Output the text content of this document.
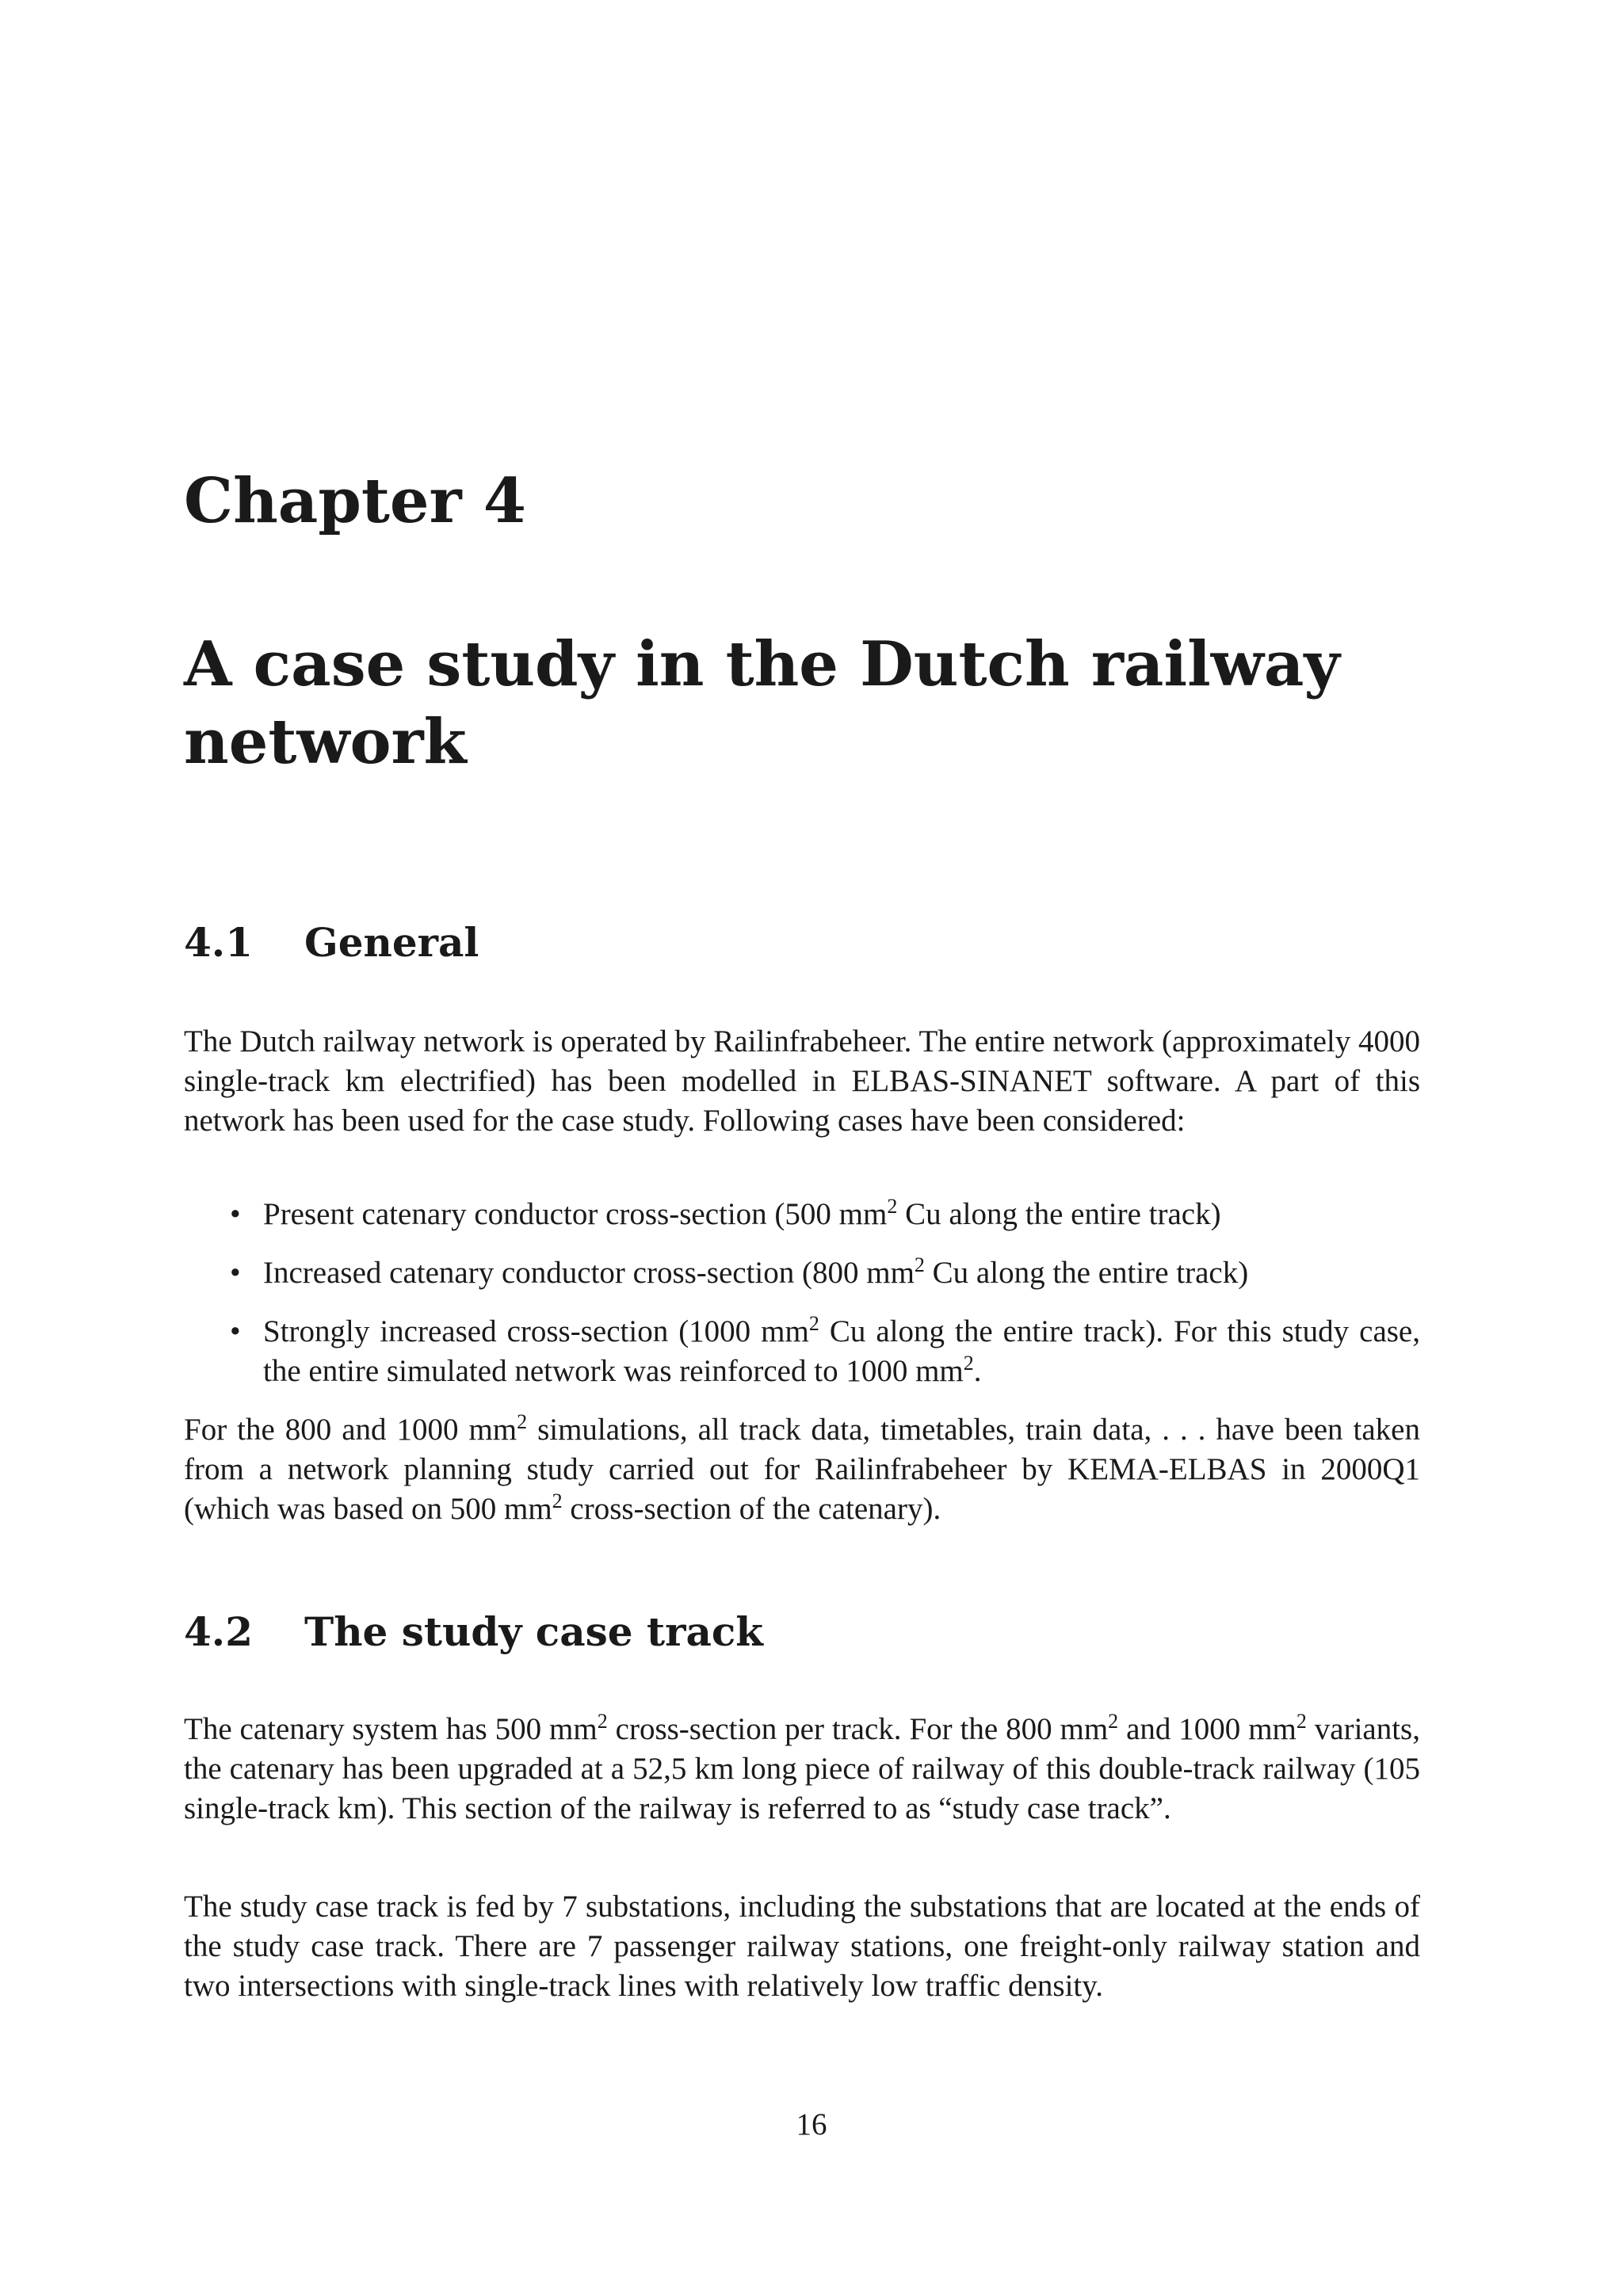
Chapter 4
A case study in the Dutch railway network
4.1 General

The Dutch railway network is operated by Railinfrabeheer. The entire network (approximately 4000 single-track km electrified) has been modelled in ELBAS-SINANET software. A part of this network has been used for the case study. Following cases have been considered:

• Present catenary conductor cross-section (500 $mm^2$ Cu along the entire track)
• Increased catenary conductor cross-section (800 $mm^2$ Cu along the entire track)
• Strongly increased cross-section (1000 $mm^2$ Cu along the entire track). For this study case, the entire simulated network was reinforced to 1000 $mm^2$.

For the 800 and 1000 $mm^2$ simulations, all track data, timetables, train data, . . . have been taken from a network planning study carried out for Railinfrabeheer by KEMA-ELBAS in 2000Q1 (which was based on 500 $mm^2$ cross-section of the catenary).

4.2 The study case track

The catenary system has 500 $mm^2$ cross-section per track. For the 800 $mm^2$ and 1000 $mm^2$ variants, the catenary has been upgraded at a 52,5 km long piece of railway of this double-track railway (105 single-track km). This section of the railway is referred to as “study case track”.

The study case track is fed by 7 substations, including the substations that are located at the ends of the study case track. There are 7 passenger railway stations, one freight-only railway station and two intersections with single-track lines with relatively low traffic density.

16
